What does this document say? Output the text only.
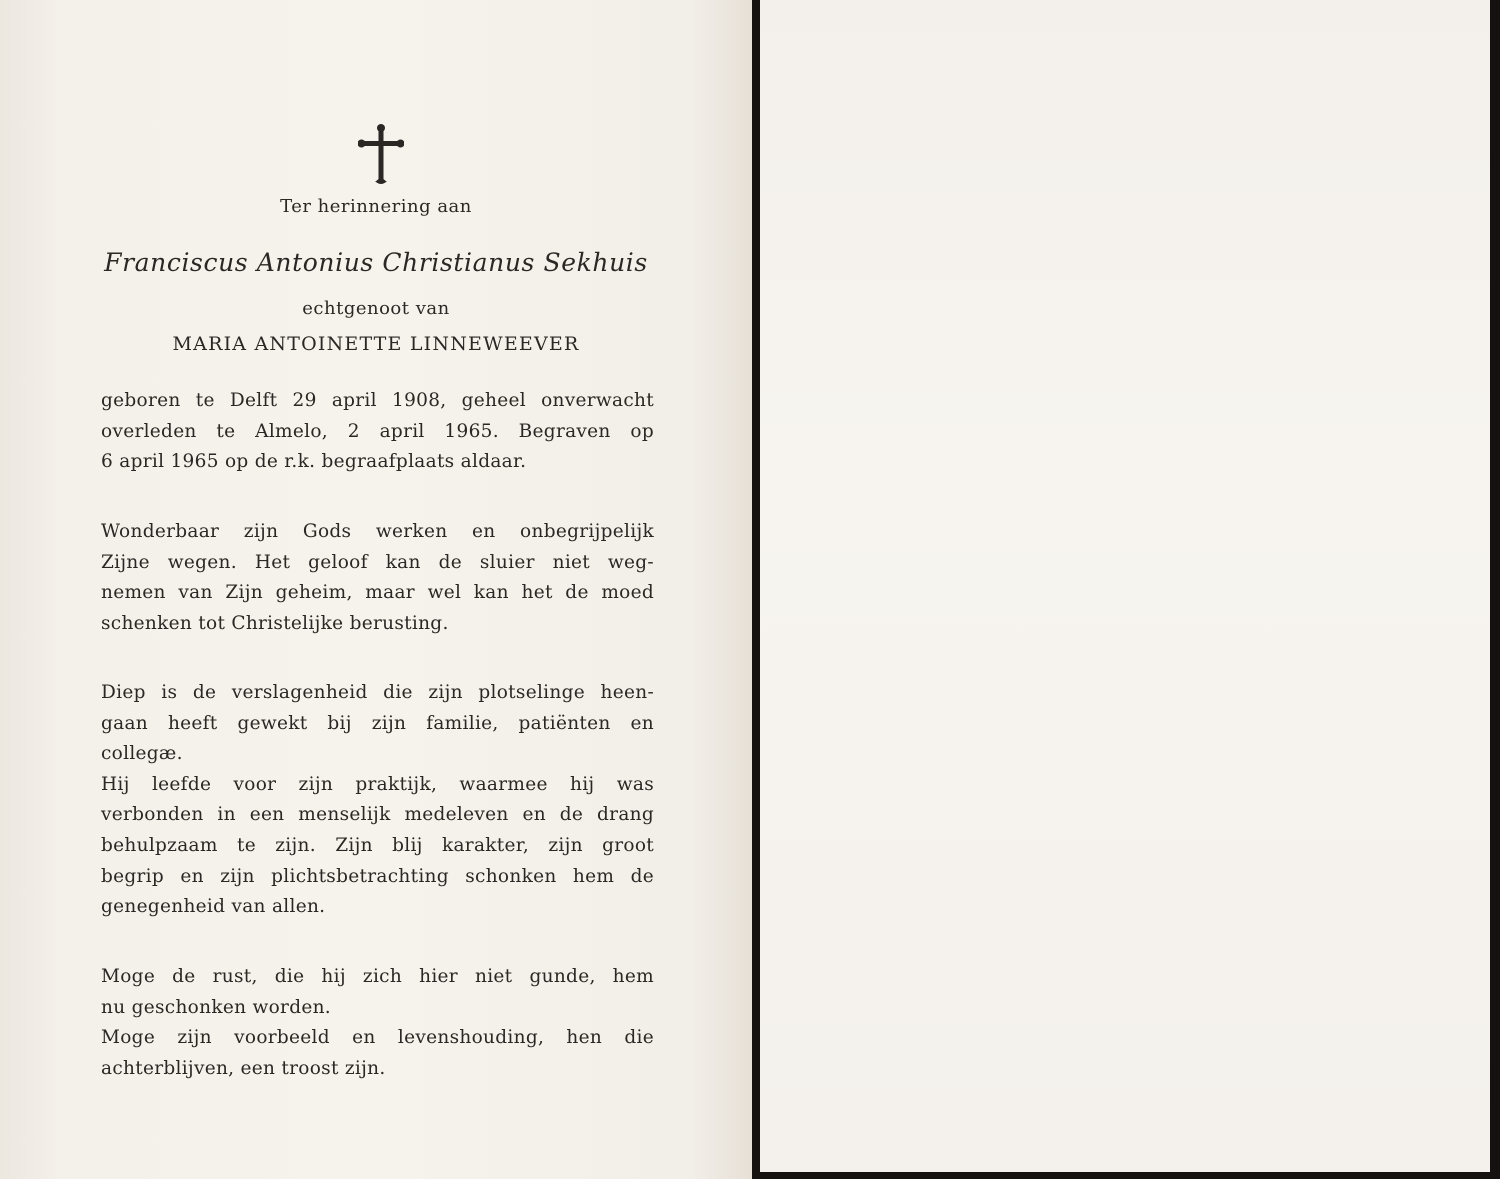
Ter herinnering aan
Franciscus Antonius Christianus Sekhuis
echtgenoot van
MARIA ANTOINETTE LINNEWEEVER
geboren te Delft 29 april 1908, geheel onverwacht
overleden te Almelo, 2 april 1965. Begraven op
6 april 1965 op de r.k. begraafplaats aldaar.
Wonderbaar zijn Gods werken en onbegrijpelijk
Zijne wegen. Het geloof kan de sluier niet weg-
nemen van Zijn geheim, maar wel kan het de moed
schenken tot Christelijke berusting.
Diep is de verslagenheid die zijn plotselinge heen-
gaan heeft gewekt bij zijn familie, patiënten en
collegæ.
Hij leefde voor zijn praktijk, waarmee hij was
verbonden in een menselijk medeleven en de drang
behulpzaam te zijn. Zijn blij karakter, zijn groot
begrip en zijn plichtsbetrachting schonken hem de
genegenheid van allen.
Moge de rust, die hij zich hier niet gunde, hem
nu geschonken worden.
Moge zijn voorbeeld en levenshouding, hen die
achterblijven, een troost zijn.
